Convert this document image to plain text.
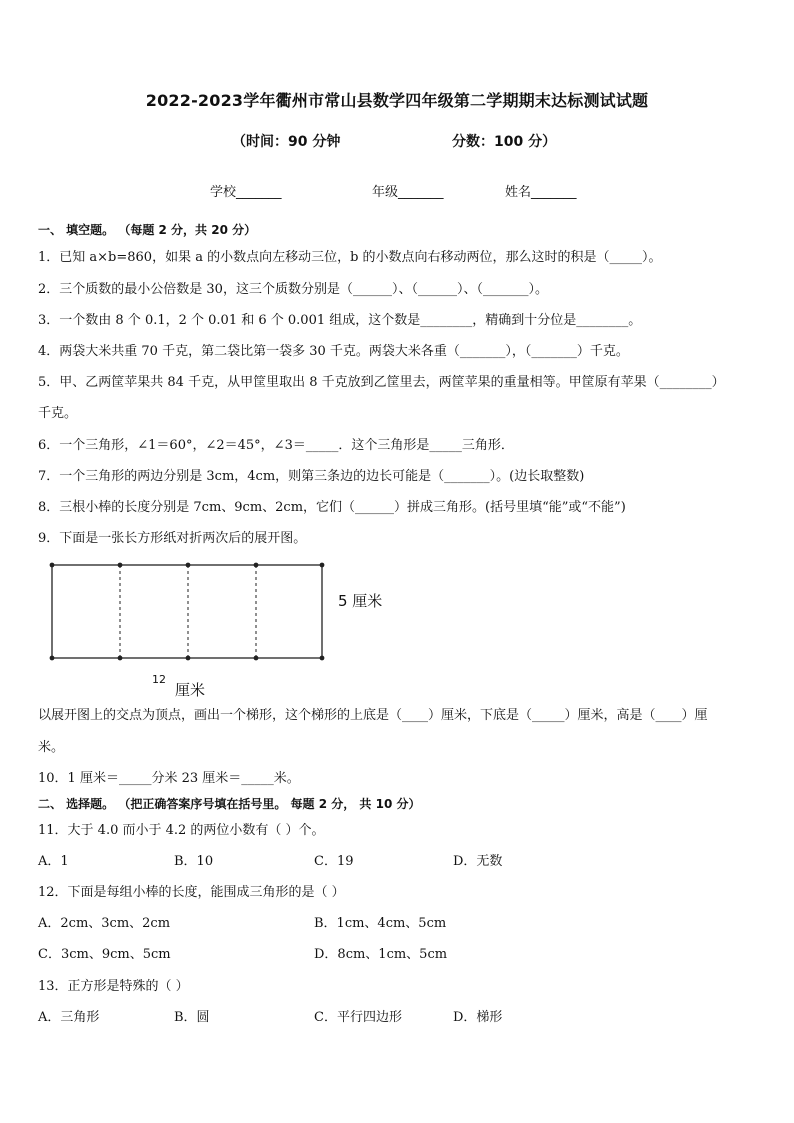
2022-2023学年衢州市常山县数学四年级第二学期期末达标测试试题
（时间：90 分钟	分数：100 分）
学校_______	年级_______	姓名_______
一、 填空题。 （每题 2 分，共 20 分）
1．已知 a×b=860，如果 a 的小数点向左移动三位，b 的小数点向右移动两位，那么这时的积是（_____）。
2．三个质数的最小公倍数是 30，这三个质数分别是（______）、（______）、（_______）。
3．一个数由 8 个 0.1，2 个 0.01 和 6 个 0.001 组成，这个数是________，精确到十分位是________。
4．两袋大米共重 70 千克，第二袋比第一袋多 30 千克。两袋大米各重（_______），（_______）千克。
5．甲、乙两筐苹果共 84 千克，从甲筐里取出 8 千克放到乙筐里去，两筐苹果的重量相等。甲筐原有苹果（________）
千克。
6．一个三角形，∠1＝60°，∠2＝45°，∠3＝_____．这个三角形是_____三角形．
7．一个三角形的两边分别是 3cm，4cm，则第三条边的边长可能是（_______）。(边长取整数)
8．三根小棒的长度分别是 7cm、9cm、2cm，它们（______）拼成三角形。(括号里填“能”或“不能”)
9．下面是一张长方形纸对折两次后的展开图。
5 厘米
12
厘米
以展开图上的交点为顶点，画出一个梯形，这个梯形的上底是（____）厘米，下底是（_____）厘米，高是（____）厘
米。
10．1 厘米＝_____分米 23 厘米＝_____米。
二、 选择题。 （把正确答案序号填在括号里。 每题 2 分， 共 10 分）
11．大于 4.0 而小于 4.2 的两位小数有（ ）个。
A．1	B．10	C．19	D．无数
12．下面是每组小棒的长度，能围成三角形的是（ ）
A．2cm、3cm、2cm	B．1cm、4cm、5cm
C．3cm、9cm、5cm	D．8cm、1cm、5cm
13．正方形是特殊的（ ）
A．三角形	B．圆	C．平行四边形	D．梯形
